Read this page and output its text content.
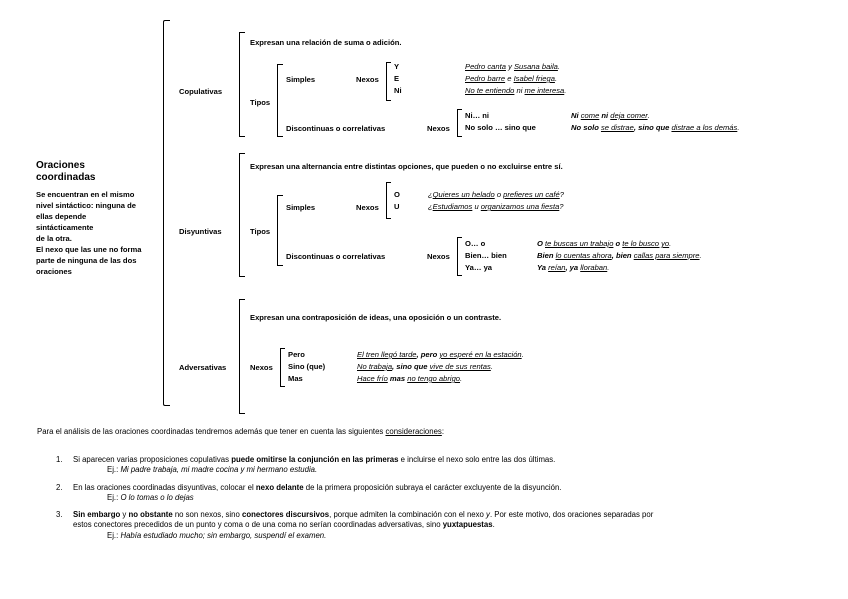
Oraciones coordinadas
Se encuentran en el mismo
nivel sintáctico: ninguna de
ellas depende
sintácticamente
de la otra.
El nexo que las une no forma
parte de ninguna de las dos
oraciones
Copulativas
Expresan una relación de suma o adición.
Tipos
Simples	Nexos
Y	Pedro canta y Susana baila.
E	Pedro barre e Isabel friega.
Ni	No te entiendo ni me interesa.
Discontinuas o correlativas	Nexos
Ni… ni	Ni come ni deja comer.
No solo … sino que	No solo se distrae, sino que distrae a los demás.
Disyuntivas
Expresan una alternancia entre distintas opciones, que pueden o no excluirse entre sí.
Tipos
Simples	Nexos
O	¿Quieres un helado o prefieres un café?
U	¿Estudiamos u organizamos una fiesta?
Discontinuas o correlativas	Nexos
O… o	O te buscas un trabajo o te lo busco yo.
Bien… bien	Bien lo cuentas ahora, bien callas para siempre.
Ya… ya	Ya reían, ya lloraban.
Adversativas
Expresan una contraposición de ideas, una oposición o un contraste.
Nexos
Pero	El tren llegó tarde, pero yo esperé en la estación.
Sino (que)	No trabaja, sino que vive de sus rentas.
Mas	Hace frío mas no tengo abrigo.
Para el análisis de las oraciones coordinadas tendremos además que tener en cuenta las siguientes consideraciones:
1. Si aparecen varias proposiciones copulativas puede omitirse la conjunción en las primeras e incluirse el nexo solo entre las dos últimas.
Ej.: Mi padre trabaja, mi madre cocina y mi hermano estudia.
2. En las oraciones coordinadas disyuntivas, colocar el nexo delante de la primera proposición subraya el carácter excluyente de la disyunción.
Ej.: O lo tomas o lo dejas
3. Sin embargo y no obstante no son nexos, sino conectores discursivos, porque admiten la combinación con el nexo y. Por este motivo, dos oraciones separadas por
estos conectores precedidos de un punto y coma o de una coma no serían coordinadas adversativas, sino yuxtapuestas.
Ej.: Había estudiado mucho; sin embargo, suspendí el examen.
